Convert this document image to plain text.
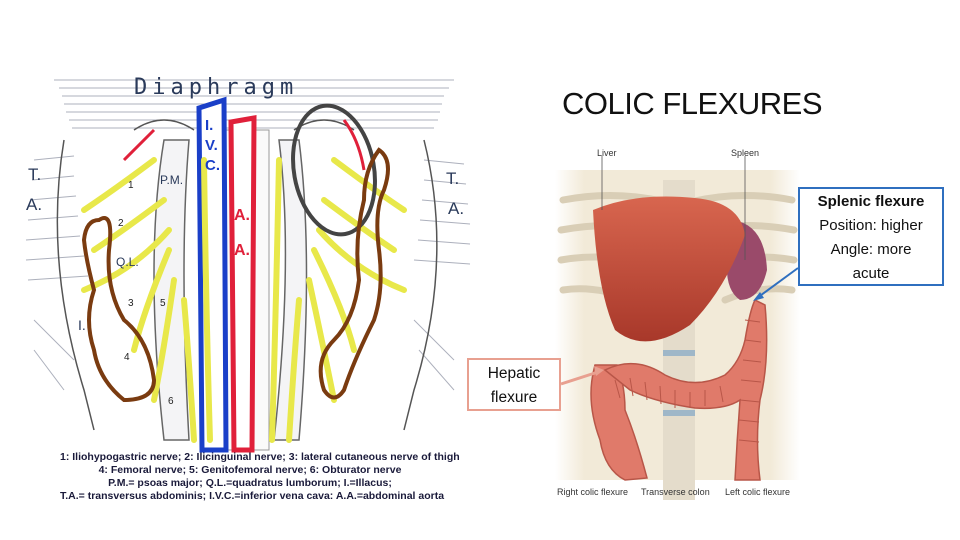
COLIC FLEXURES
Diaphragm
I.
V.
C.
A.
A.
T.
A.
T.
A.
P.M.
Q.L.
I.
1
2
3
4
5
6
1: Iliohypogastric nerve; 2: Ilicinguinal nerve; 3: lateral cutaneous nerve of thigh
4: Femoral nerve; 5: Genitofemoral nerve; 6: Obturator nerve
P.M.= psoas major; Q.L.=quadratus lumborum; I.=Illacus;
T.A.= transversus abdominis; I.V.C.=inferior vena cava: A.A.=abdominal aorta
Liver	Spleen
Right colic flexure Transverse colon Left colic flexure
Splenic flexure
Position: higher
Angle: more
acute
Hepatic
flexure
